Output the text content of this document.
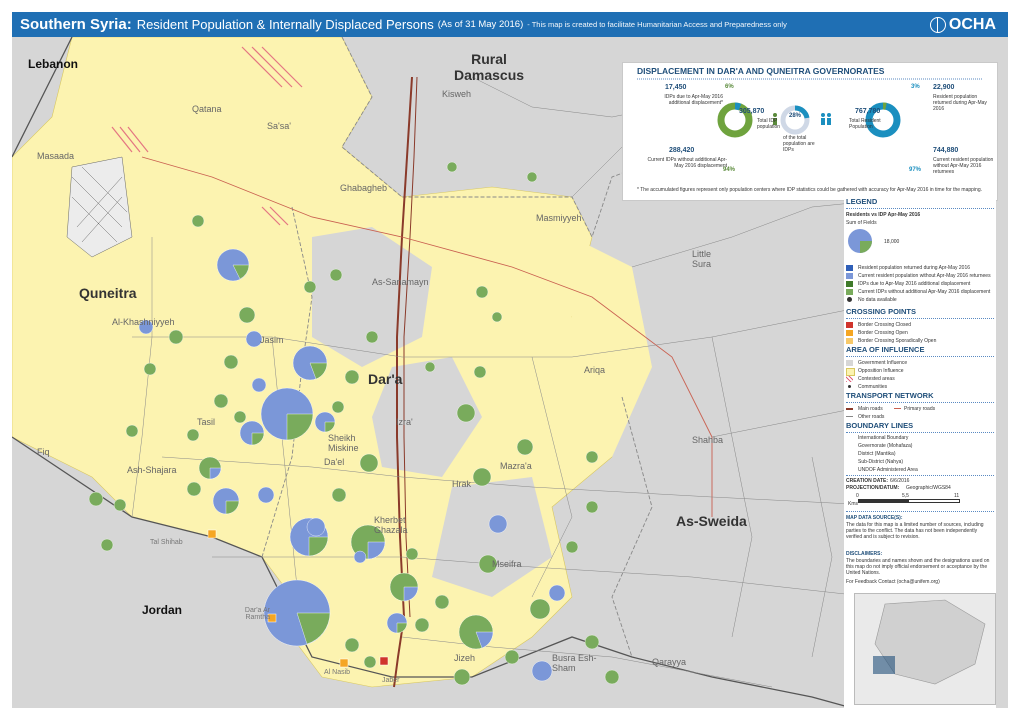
Southern Syria: Resident Population & Internally Displaced Persons (As of 31 May 2016) - This map is created to facilitate Humanitarian Access and Preparedness only	OCHA
Lebanon
Jordan
Rural Damascus
Quneitra
Dar'a
As-Sweida
Qatana
Kisweh
Sa'sa'
Masaada
Al-Khashniyyeh
Jasim
Izra'
Sheikh Miskine
Fiq
Tasil
Ash-Shajara
Da'el	Mazra'a
Hrak
Kherbet Ghazala
Busra Esh-Sham
Jizeh
As-Sanamayn
Ghabagheb
Masmiyyeh
Little Sura
Ariqa
Mseifra
Shahba
Qarayya
Tal Shihab
Dar'a Ar Ramtha
Al Nasib
Jaber
DISPLACEMENT IN DAR'A AND QUNEITRA GOVERNORATES
17,450	6%
IDPs due to Apr-May 2016 additional displacement*
305,870
Total IDP population
28%
of the total population are IDPs
288,420
Current IDPs without additional Apr-May 2016 displacement
94%
3% 22,900
Resident population returned during Apr-May 2016
767,780
Total Resident Population
744,880
Current resident population without Apr-May 2016 returnees
97%
* The accumulated figures represent only population centers where IDP statistics could be gathered with accuracy for Apr-May 2016 in time for the mapping.
LEGEND
Residents vs IDP Apr-May 2016
Sum of Fields
18,000
Resident population returned during Apr-May 2016
Current resident population without Apr-May 2016 returnees
IDPs due to Apr-May 2016 additional displacement
Current IDPs without additional Apr-May 2016 displacement
No data available
CROSSING POINTS
Border Crossing Closed
Border Crossing Open
Border Crossing Sporadically Open
AREA OF INFLUENCE
Government Influence
Opposition Influence
Contested areas
Communities
TRANSPORT NETWORK
Main roads	Primary roads
Other roads
BOUNDARY LINES
International Boundary
Governorate (Mohafaza)
District (Mantika)
Sub-District (Nahya)
UNDOF Administered Area
CREATION DATE: 6/6/2016
PROJECTION/DATUM: Geographic/WGS84
0	5,5	11
Kms
MAP DATA SOURCE(S):
The data for this map is a limited number of sources, including parties to the conflict. The data has not been independently verified and is subject to revision.
DISCLAIMERS:
The boundaries and names shown and the designations used on this map do not imply official endorsement or acceptance by the United Nations.
For Feedback Contact (ocha@unifem.org)
